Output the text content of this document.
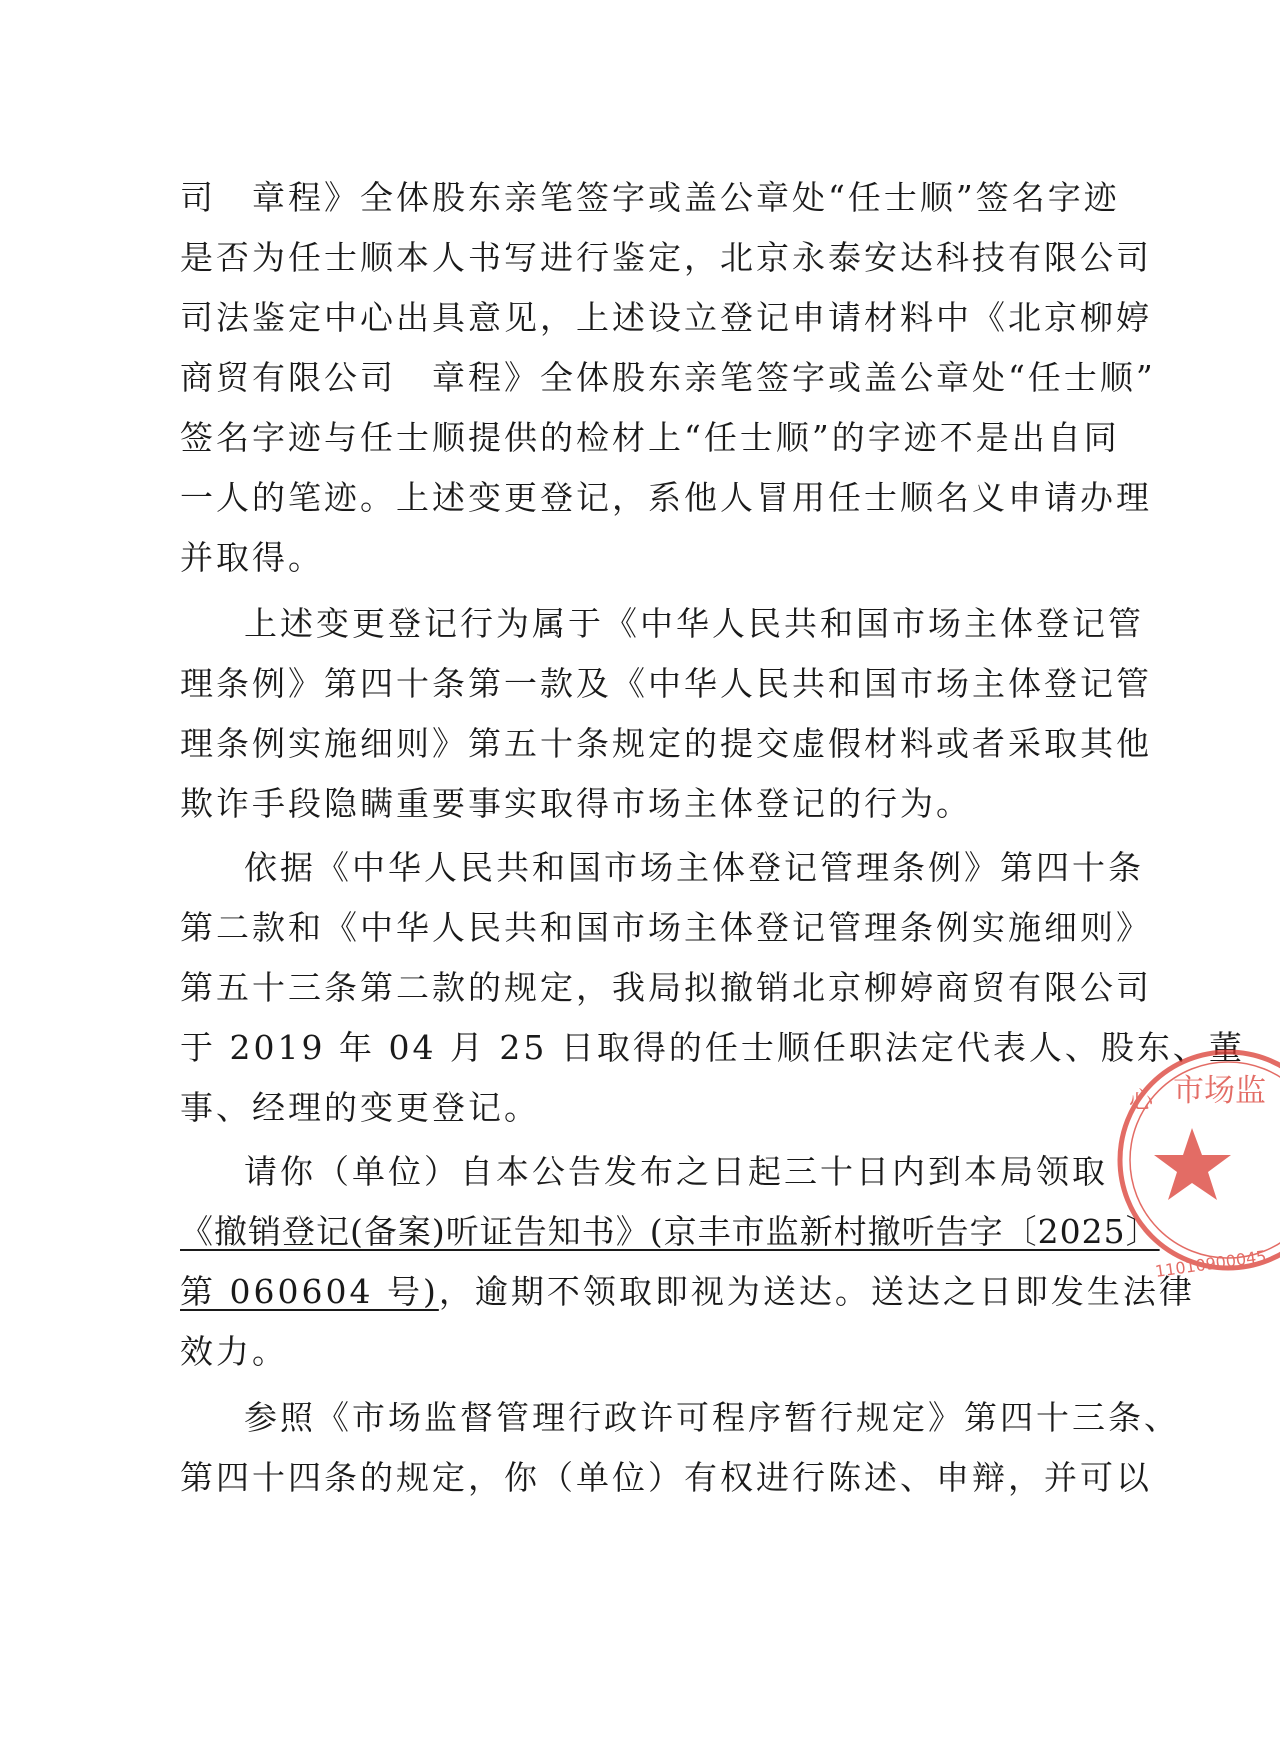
司　章程》全体股东亲笔签字或盖公章处“任士顺”签名字迹
是否为任士顺本人书写进行鉴定，北京永泰安达科技有限公司
司法鉴定中心出具意见，上述设立登记申请材料中《北京柳婷
商贸有限公司　章程》全体股东亲笔签字或盖公章处“任士顺”
签名字迹与任士顺提供的检材上“任士顺”的字迹不是出自同
一人的笔迹。上述变更登记，系他人冒用任士顺名义申请办理
并取得。
上述变更登记行为属于《中华人民共和国市场主体登记管
理条例》第四十条第一款及《中华人民共和国市场主体登记管
理条例实施细则》第五十条规定的提交虚假材料或者采取其他
欺诈手段隐瞒重要事实取得市场主体登记的行为。
依据《中华人民共和国市场主体登记管理条例》第四十条
第二款和《中华人民共和国市场主体登记管理条例实施细则》
第五十三条第二款的规定，我局拟撤销北京柳婷商贸有限公司
于 2019 年 04 月 25 日取得的任士顺任职法定代表人、股东、董
事、经理的变更登记。
请你（单位）自本公告发布之日起三十日内到本局领取
《撤销登记(备案)听证告知书》(京丰市监新村撤听告字〔2025〕
第 060604 号)，逾期不领取即视为送达。送达之日即发生法律
效力。
参照《市场监督管理行政许可程序暂行规定》第四十三条、
第四十四条的规定，你（单位）有权进行陈述、申辩，并可以
市场监
心
11010900045
